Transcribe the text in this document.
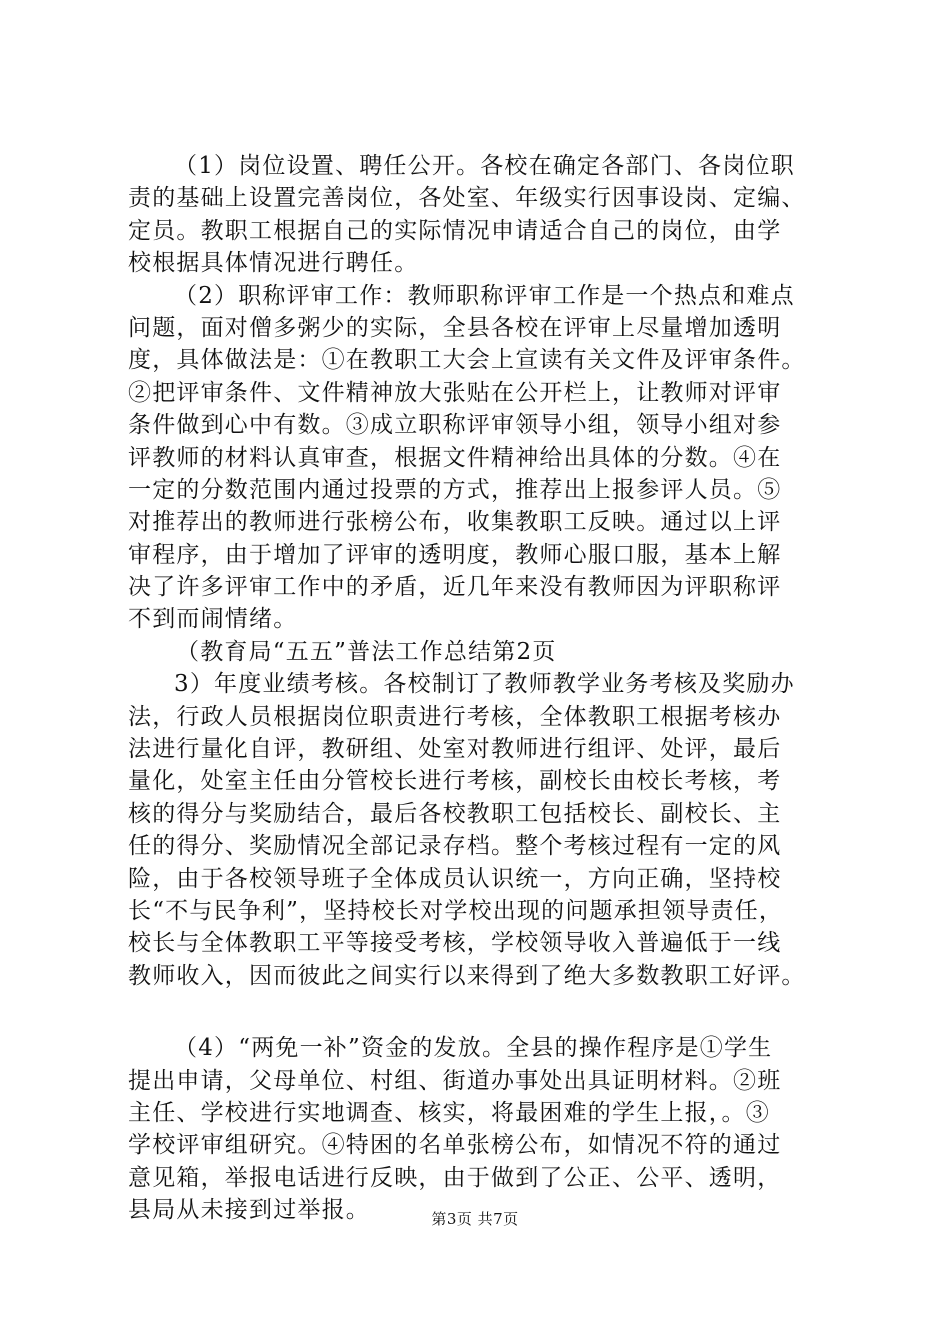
（1）岗位设置、聘任公开。各校在确定各部门、各岗位职
责的基础上设置完善岗位，各处室、年级实行因事设岗、定编、
定员。教职工根据自己的实际情况申请适合自己的岗位，由学
校根据具体情况进行聘任。
（2）职称评审工作：教师职称评审工作是一个热点和难点
问题，面对僧多粥少的实际，全县各校在评审上尽量增加透明
度，具体做法是：①在教职工大会上宣读有关文件及评审条件。
②把评审条件、文件精神放大张贴在公开栏上，让教师对评审
条件做到心中有数。③成立职称评审领导小组，领导小组对参
评教师的材料认真审查，根据文件精神给出具体的分数。④在
一定的分数范围内通过投票的方式，推荐出上报参评人员。⑤
对推荐出的教师进行张榜公布，收集教职工反映。通过以上评
审程序，由于增加了评审的透明度，教师心服口服，基本上解
决了许多评审工作中的矛盾，近几年来没有教师因为评职称评
不到而闹情绪。
（教育局“五五”普法工作总结第2页
3）年度业绩考核。各校制订了教师教学业务考核及奖励办
法，行政人员根据岗位职责进行考核，全体教职工根据考核办
法进行量化自评，教研组、处室对教师进行组评、处评，最后
量化，处室主任由分管校长进行考核，副校长由校长考核，考
核的得分与奖励结合，最后各校教职工包括校长、副校长、主
任的得分、奖励情况全部记录存档。整个考核过程有一定的风
险，由于各校领导班子全体成员认识统一，方向正确，坚持校
长“不与民争利”，坚持校长对学校出现的问题承担领导责任，
校长与全体教职工平等接受考核，学校领导收入普遍低于一线
教师收入，因而彼此之间实行以来得到了绝大多数教职工好评。
（4）“两免一补”资金的发放。全县的操作程序是①学生
提出申请，父母单位、村组、街道办事处出具证明材料。②班
主任、学校进行实地调查、核实，将最困难的学生上报，。③
学校评审组研究。④特困的名单张榜公布，如情况不符的通过
意见箱，举报电话进行反映，由于做到了公正、公平、透明，
县局从未接到过举报。	第3页 共7页
